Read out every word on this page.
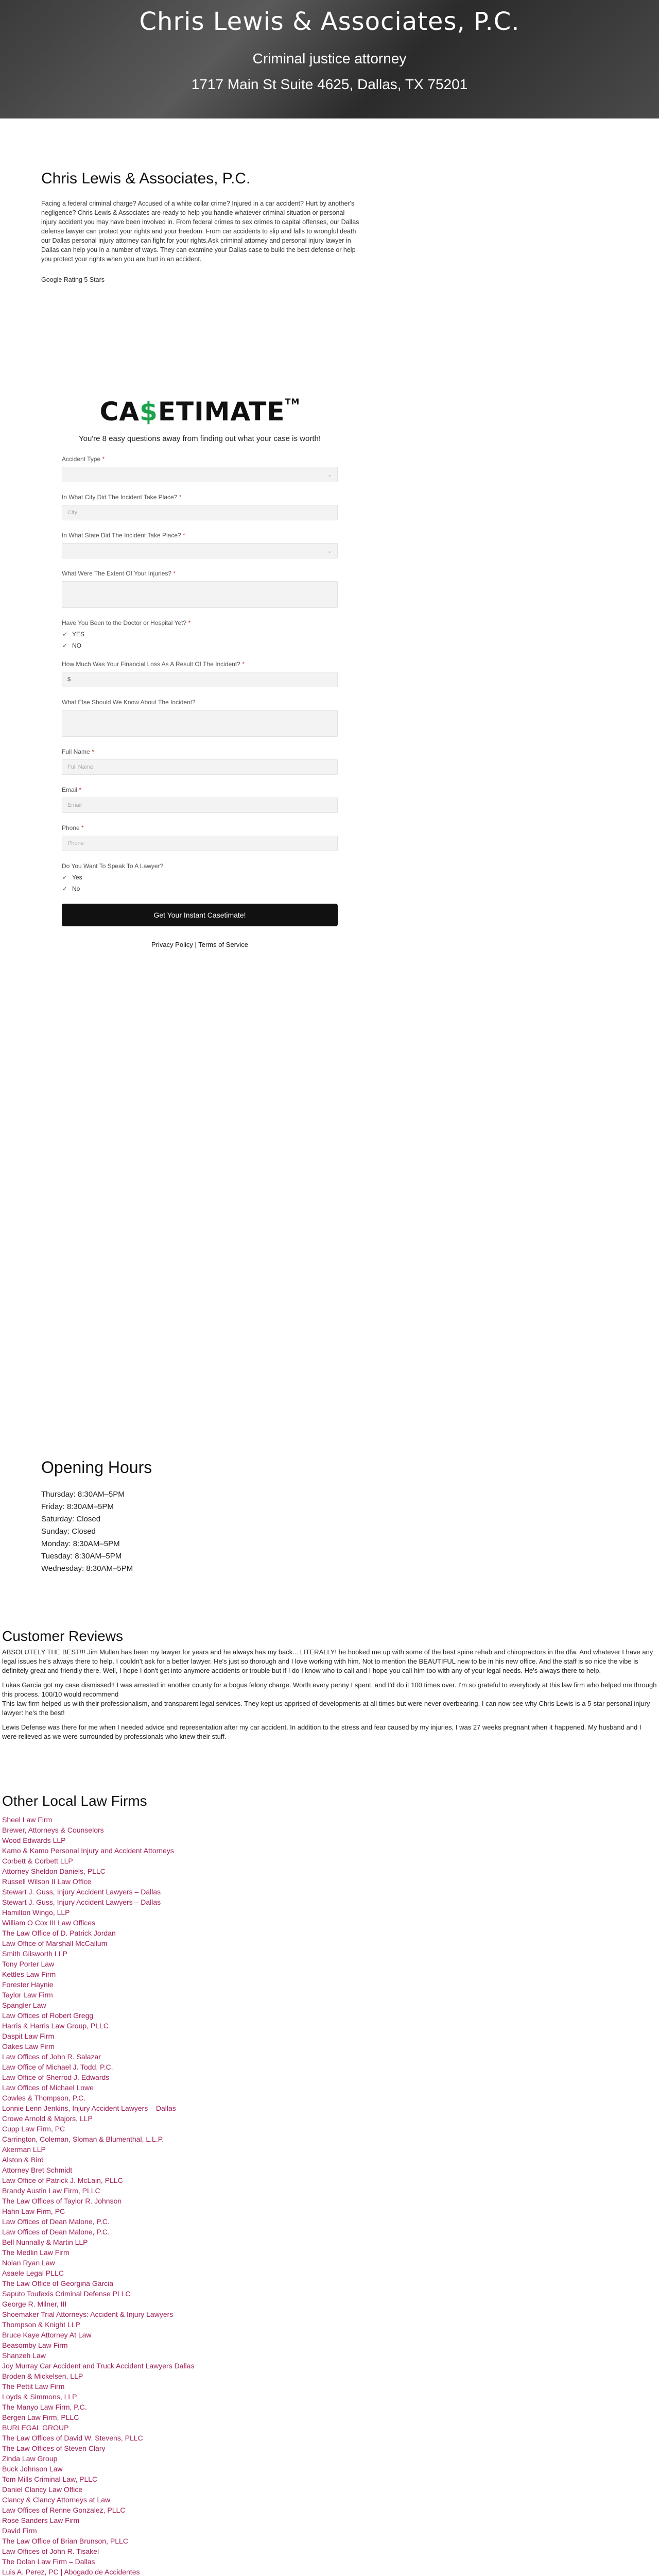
Chris Lewis & Associates, P.C.
Criminal justice attorney
1717 Main St Suite 4625, Dallas, TX 75201
Chris Lewis & Associates, P.C.

Facing a federal criminal charge? Accused of a white collar crime? Injured in a car accident? Hurt by another's negligence? Chris Lewis & Associates are ready to help you handle whatever criminal situation or personal injury accident you may have been involved in. From federal crimes to sex crimes to capital offenses, our Dallas defense lawyer can protect your rights and your freedom. From car accidents to slip and falls to wrongful death our Dallas personal injury attorney can fight for your rights.Ask criminal attorney and personal injury lawyer in Dallas can help you in a number of ways. They can examine your Dallas case to build the best defense or help you protect your rights when you are hurt in an accident.

Google Rating 5 Stars

CA$ETIMATE™
You're 8 easy questions away from finding out what your case is worth!
Accident Type *
⌄
In What City Did The Incident Take Place? *
City
In What State Did The Incident Take Place? *
⌄
What Were The Extent Of Your Injuries? *
Have You Been to the Doctor or Hospital Yet? *
✓ YES
✓ NO
How Much Was Your Financial Loss As A Result Of The Incident? *
$
What Else Should We Know About The Incident?
Full Name *
Full Name
Email *
Email
Phone *
Phone
Do You Want To Speak To A Lawyer?
✓ Yes
✓ No
Get Your Instant Casetimate!
Privacy Policy | Terms of Service
Opening Hours
Thursday: 8:30AM–5PM
Friday: 8:30AM–5PM
Saturday: Closed
Sunday: Closed
Monday: 8:30AM–5PM
Tuesday: 8:30AM–5PM
Wednesday: 8:30AM–5PM
Customer Reviews

ABSOLUTELY THE BEST!!! Jim Mullen has been my lawyer for years and he always has my back... LITERALLY! he hooked me up with some of the best spine rehab and chiropractors in the dfw. And whatever I have any legal issues he's always there to help. I couldn't ask for a better lawyer. He's just so thorough and I love working with him. Not to mention the BEAUTIFUL new to be in his new office. And the staff is so nice the vibe is definitely great and friendly there. Well, I hope I don't get into anymore accidents or trouble but if I do I know who to call and I hope you call him too with any of your legal needs. He's always there to help.

Lukas Garcia got my case dismissed!! I was arrested in another county for a bogus felony charge. Worth every penny I spent, and I'd do it 100 times over. I'm so grateful to everybody at this law firm who helped me through this process. 100/10 would recommend
This law firm helped us with their professionalism, and transparent legal services. They kept us apprised of developments at all times but were never overbearing. I can now see why Chris Lewis is a 5-star personal injury lawyer: he's the best!

Lewis Defense was there for me when I needed advice and representation after my car accident. In addition to the stress and fear caused by my injuries, I was 27 weeks pregnant when it happened. My husband and I were relieved as we were surrounded by professionals who knew their stuff.

Other Local Law Firms
Sheel Law Firm
Brewer, Attorneys & Counselors
Wood Edwards LLP
Kamo & Kamo Personal Injury and Accident Attorneys
Corbett & Corbett LLP
Attorney Sheldon Daniels, PLLC
Russell Wilson II Law Office
Stewart J. Guss, Injury Accident Lawyers – Dallas
Stewart J. Guss, Injury Accident Lawyers – Dallas
Hamilton Wingo, LLP
William O Cox III Law Offices
The Law Office of D. Patrick Jordan
Law Office of Marshall McCallum
Smith Gilsworth LLP
Tony Porter Law
Kettles Law Firm
Forester Haynie
Taylor Law Firm
Spangler Law
Law Offices of Robert Gregg
Harris & Harris Law Group, PLLC
Daspit Law Firm
Oakes Law Firm
Law Offices of John R. Salazar
Law Office of Michael J. Todd, P.C.
Law Office of Sherrod J. Edwards
Law Offices of Michael Lowe
Cowles & Thompson, P.C.
Lonnie Lenn Jenkins, Injury Accident Lawyers – Dallas
Crowe Arnold & Majors, LLP
Cupp Law Firm, PC
Carrington, Coleman, Sloman & Blumenthal, L.L.P.
Akerman LLP
Alston & Bird
Attorney Bret Schmidt
Law Office of Patrick J. McLain, PLLC
Brandy Austin Law Firm, PLLC
The Law Offices of Taylor R. Johnson
Hahn Law Firm, PC
Law Offices of Dean Malone, P.C.
Law Offices of Dean Malone, P.C.
Bell Nunnally & Martin LLP
The Medlin Law Firm
Nolan Ryan Law
Asaele Legal PLLC
The Law Office of Georgina Garcia
Saputo Toufexis Criminal Defense PLLC
George R. Milner, III
Shoemaker Trial Attorneys: Accident & Injury Lawyers
Thompson & Knight LLP
Bruce Kaye Attorney At Law
Beasomby Law Firm
Shanzeh Law
Joy Murray Car Accident and Truck Accident Lawyers Dallas
Broden & Mickelsen, LLP
The Pettit Law Firm
Loyds & Simmons, LLP
The Manyo Law Firm, P.C.
Bergen Law Firm, PLLC
BURLEGAL GROUP
The Law Offices of David W. Stevens, PLLC
The Law Offices of Steven Clary
Zinda Law Group
Buck Johnson Law
Tom Mills Criminal Law, PLLC
Daniel Clancy Law Office
Clancy & Clancy Attorneys at Law
Law Offices of Renne Gonzalez, PLLC
Rose Sanders Law Firm
David Firm
The Law Office of Brian Brunson, PLLC
Law Offices of John R. Tisakel
The Dolan Law Firm – Dallas
Luis A. Perez, PC | Abogado de Accidentes
